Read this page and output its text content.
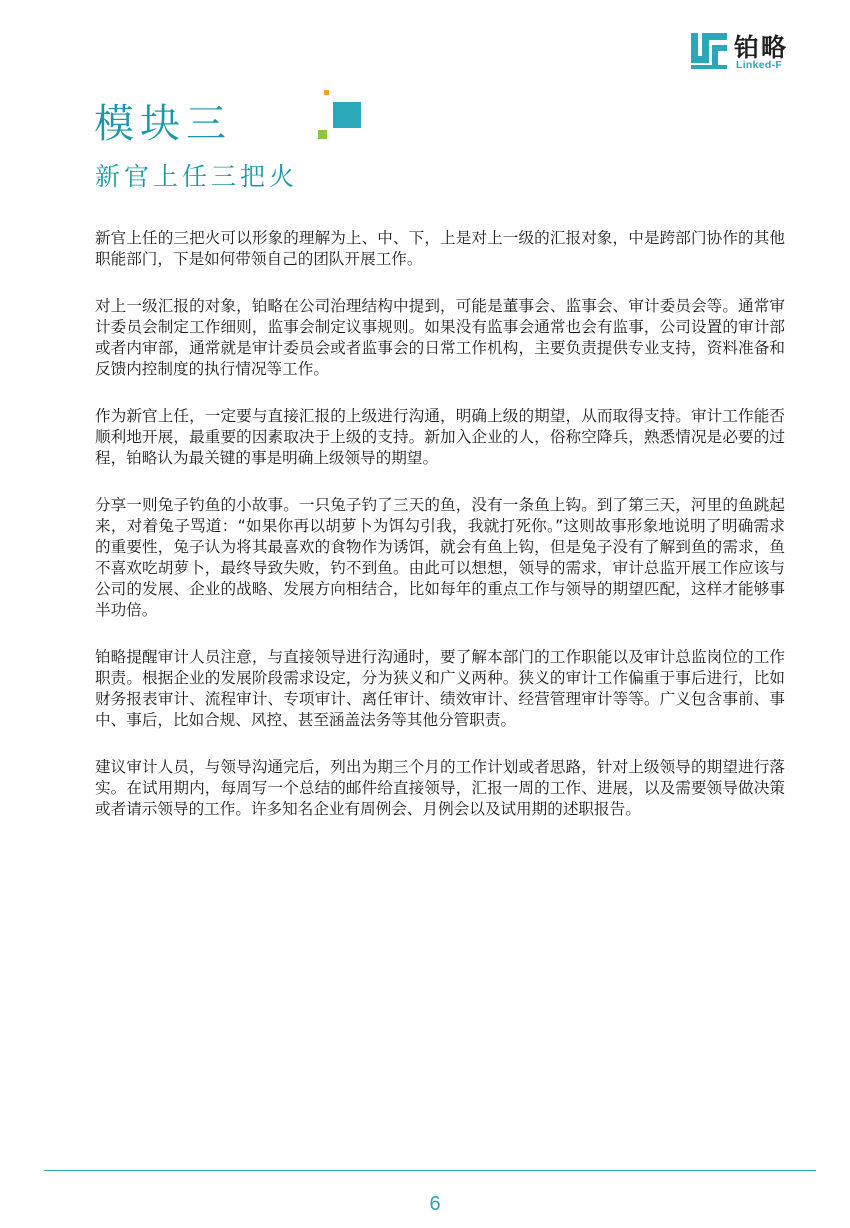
铂略
Linked-F
模块三
新官上任三把火

新官上任的三把火可以形象的理解为上、中、下，上是对上一级的汇报对象，中是跨部门协作的其他职能部门，下是如何带领自己的团队开展工作。

对上一级汇报的对象，铂略在公司治理结构中提到，可能是董事会、监事会、审计委员会等。通常审计委员会制定工作细则，监事会制定议事规则。如果没有监事会通常也会有监事，公司设置的审计部或者内审部，通常就是审计委员会或者监事会的日常工作机构，主要负责提供专业支持，资料准备和反馈内控制度的执行情况等工作。

作为新官上任，一定要与直接汇报的上级进行沟通，明确上级的期望，从而取得支持。审计工作能否顺利地开展，最重要的因素取决于上级的支持。新加入企业的人，俗称空降兵，熟悉情况是必要的过程，铂略认为最关键的事是明确上级领导的期望。

分享一则兔子钓鱼的小故事。一只兔子钓了三天的鱼，没有一条鱼上钩。到了第三天，河里的鱼跳起来，对着兔子骂道：“如果你再以胡萝卜为饵勾引我，我就打死你。”这则故事形象地说明了明确需求的重要性，兔子认为将其最喜欢的食物作为诱饵，就会有鱼上钩，但是兔子没有了解到鱼的需求，鱼不喜欢吃胡萝卜，最终导致失败，钓不到鱼。由此可以想想，领导的需求，审计总监开展工作应该与公司的发展、企业的战略、发展方向相结合，比如每年的重点工作与领导的期望匹配，这样才能够事半功倍。

铂略提醒审计人员注意，与直接领导进行沟通时，要了解本部门的工作职能以及审计总监岗位的工作职责。根据企业的发展阶段需求设定，分为狭义和广义两种。狭义的审计工作偏重于事后进行，比如财务报表审计、流程审计、专项审计、离任审计、绩效审计、经营管理审计等等。广义包含事前、事中、事后，比如合规、风控、甚至涵盖法务等其他分管职责。

建议审计人员，与领导沟通完后，列出为期三个月的工作计划或者思路，针对上级领导的期望进行落实。在试用期内，每周写一个总结的邮件给直接领导，汇报一周的工作、进展，以及需要领导做决策或者请示领导的工作。许多知名企业有周例会、月例会以及试用期的述职报告。

6
